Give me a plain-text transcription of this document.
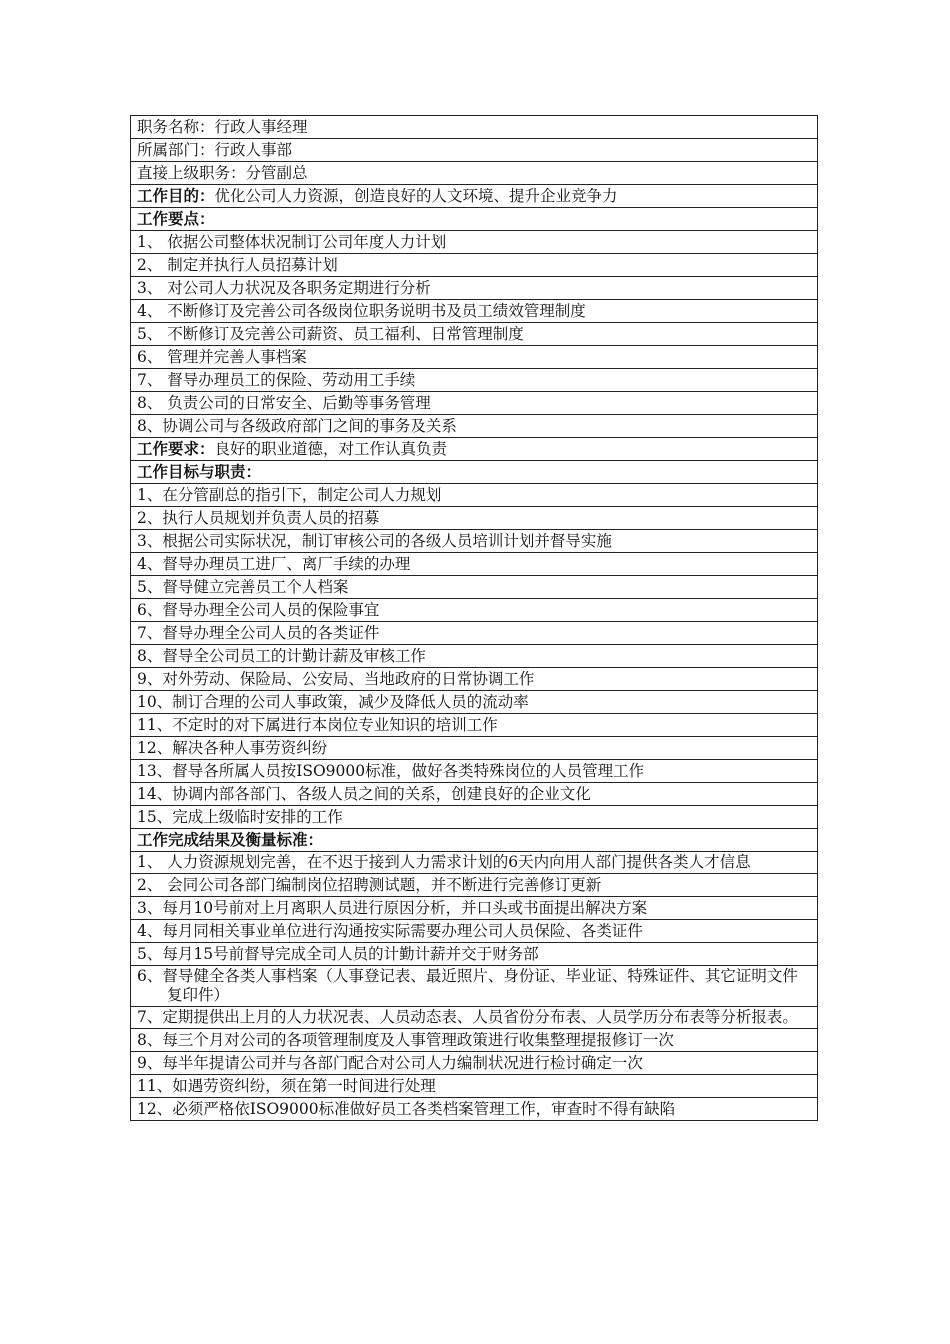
职务名称：行政人事经理
所属部门：行政人事部
直接上级职务：分管副总
工作目的：优化公司人力资源，创造良好的人文环境、提升企业竞争力
工作要点：
1、 依据公司整体状况制订公司年度人力计划
2、 制定并执行人员招募计划
3、 对公司人力状况及各职务定期进行分析
4、 不断修订及完善公司各级岗位职务说明书及员工绩效管理制度
5、 不断修订及完善公司薪资、员工福利、日常管理制度
6、 管理并完善人事档案
7、 督导办理员工的保险、劳动用工手续
8、 负责公司的日常安全、后勤等事务管理
8、协调公司与各级政府部门之间的事务及关系
工作要求：良好的职业道德，对工作认真负责
工作目标与职责：
1、在分管副总的指引下，制定公司人力规划
2、执行人员规划并负责人员的招募
3、根据公司实际状况，制订审核公司的各级人员培训计划并督导实施
4、督导办理员工进厂、离厂手续的办理
5、督导健立完善员工个人档案
6、督导办理全公司人员的保险事宜
7、督导办理全公司人员的各类证件
8、督导全公司员工的计勤计薪及审核工作
9、对外劳动、保险局、公安局、当地政府的日常协调工作
10、制订合理的公司人事政策，减少及降低人员的流动率
11、不定时的对下属进行本岗位专业知识的培训工作
12、解决各种人事劳资纠纷
13、督导各所属人员按ISO9000标准，做好各类特殊岗位的人员管理工作
14、协调内部各部门、各级人员之间的关系，创建良好的企业文化
15、完成上级临时安排的工作
工作完成结果及衡量标准：

1、 人力资源规划完善，在不迟于接到人力需求计划的6天内向用人部门提供各类人才信息

2、 会同公司各部门编制岗位招聘测试题，并不断进行完善修订更新
3、每月10号前对上月离职人员进行原因分析，并口头或书面提出解决方案
4、每月同相关事业单位进行沟通按实际需要办理公司人员保险、各类证件
5、每月15号前督导完成全司人员的计勤计薪并交于财务部

6、督导健全各类人事档案（人事登记表、最近照片、身份证、毕业证、特殊证件、其它证明文件复印件）

7、定期提供出上月的人力状况表、人员动态表、人员省份分布表、人员学历分布表等分析报表。

8、每三个月对公司的各项管理制度及人事管理政策进行收集整理提报修订一次
9、每半年提请公司并与各部门配合对公司人力编制状况进行检讨确定一次
11、如遇劳资纠纷，须在第一时间进行处理
12、必须严格依ISO9000标准做好员工各类档案管理工作，审查时不得有缺陷
